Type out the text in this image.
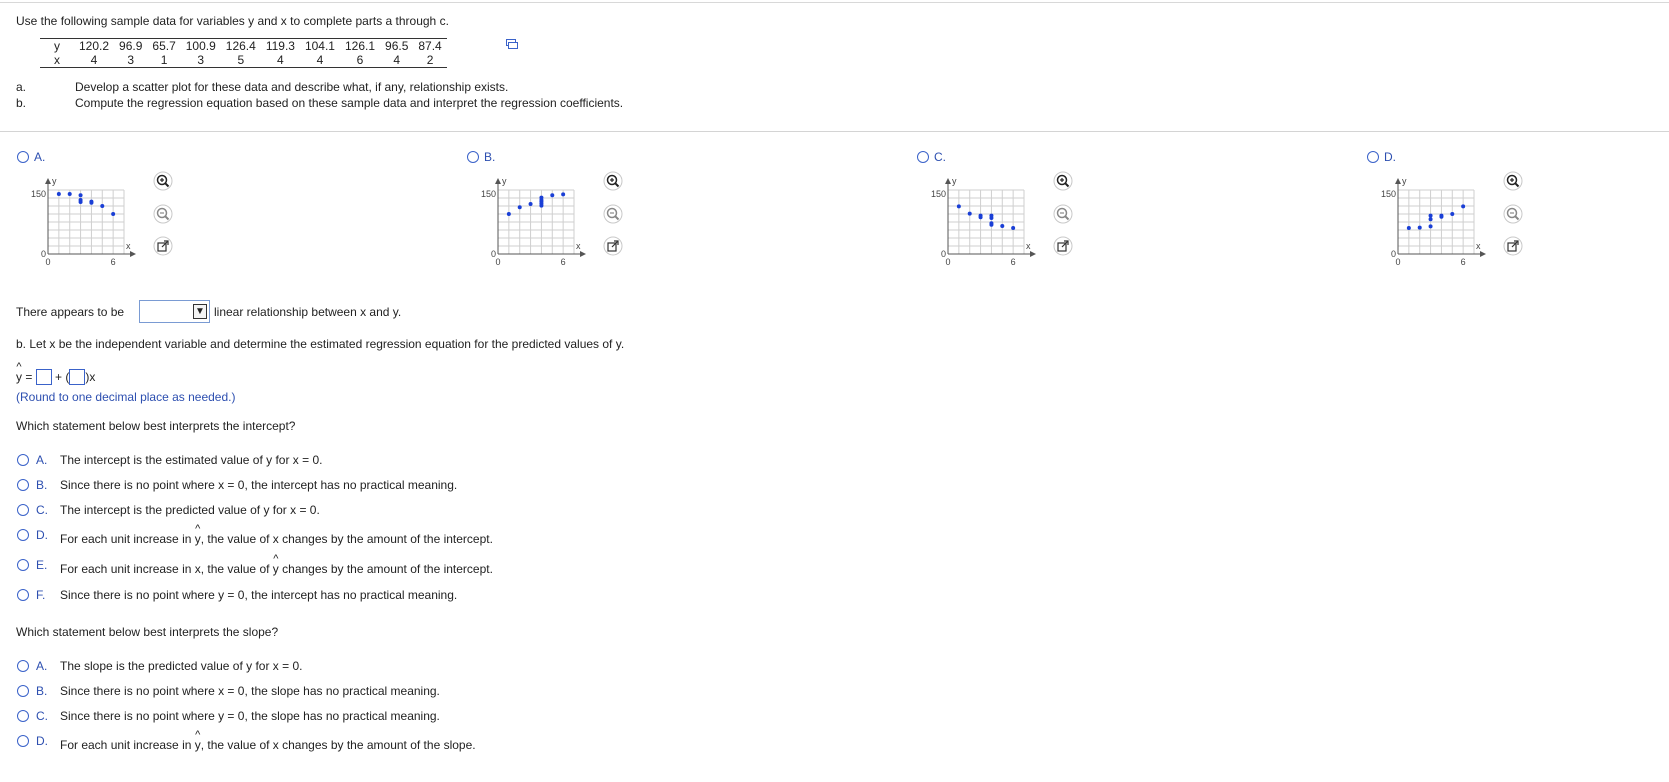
Use the following sample data for variables y and x to complete parts a through c.
y	120.2	96.9	65.7	100.9	126.4	119.3	104.1	126.1	96.5	87.4
x	4	3	1	3	5	4	4	6	4	2
a.	Develop a scatter plot for these data and describe what, if any, relationship exists.
b.	Compute the regression equation based on these sample data and interpret the regression coefficients.
A.	B.	C.	D.
y
x
150
0
0	6
y
x
150
0
0	6
y
x
150
0
0	6
y
x
150
0
0	6
There appears to be	▼ linear relationship between x and y.
b. Let x be the independent variable and determine the estimated regression equation for the predicted values of y.
^ y =  + ( )x
(Round to one decimal place as needed.)
Which statement below best interprets the intercept?
A. The intercept is the estimated value of y for x = 0.
B. Since there is no point where x = 0, the intercept has no practical meaning.
C. The intercept is the predicted value of y for x = 0.
D. For each unit increase in ^ y, the value of x changes by the amount of the intercept.
E. For each unit increase in x, the value of ^ y changes by the amount of the intercept.
F. Since there is no point where y = 0, the intercept has no practical meaning.
Which statement below best interprets the slope?
A. The slope is the predicted value of y for x = 0.
B. Since there is no point where x = 0, the slope has no practical meaning.
C. Since there is no point where y = 0, the slope has no practical meaning.
D. For each unit increase in ^ y, the value of x changes by the amount of the slope.
